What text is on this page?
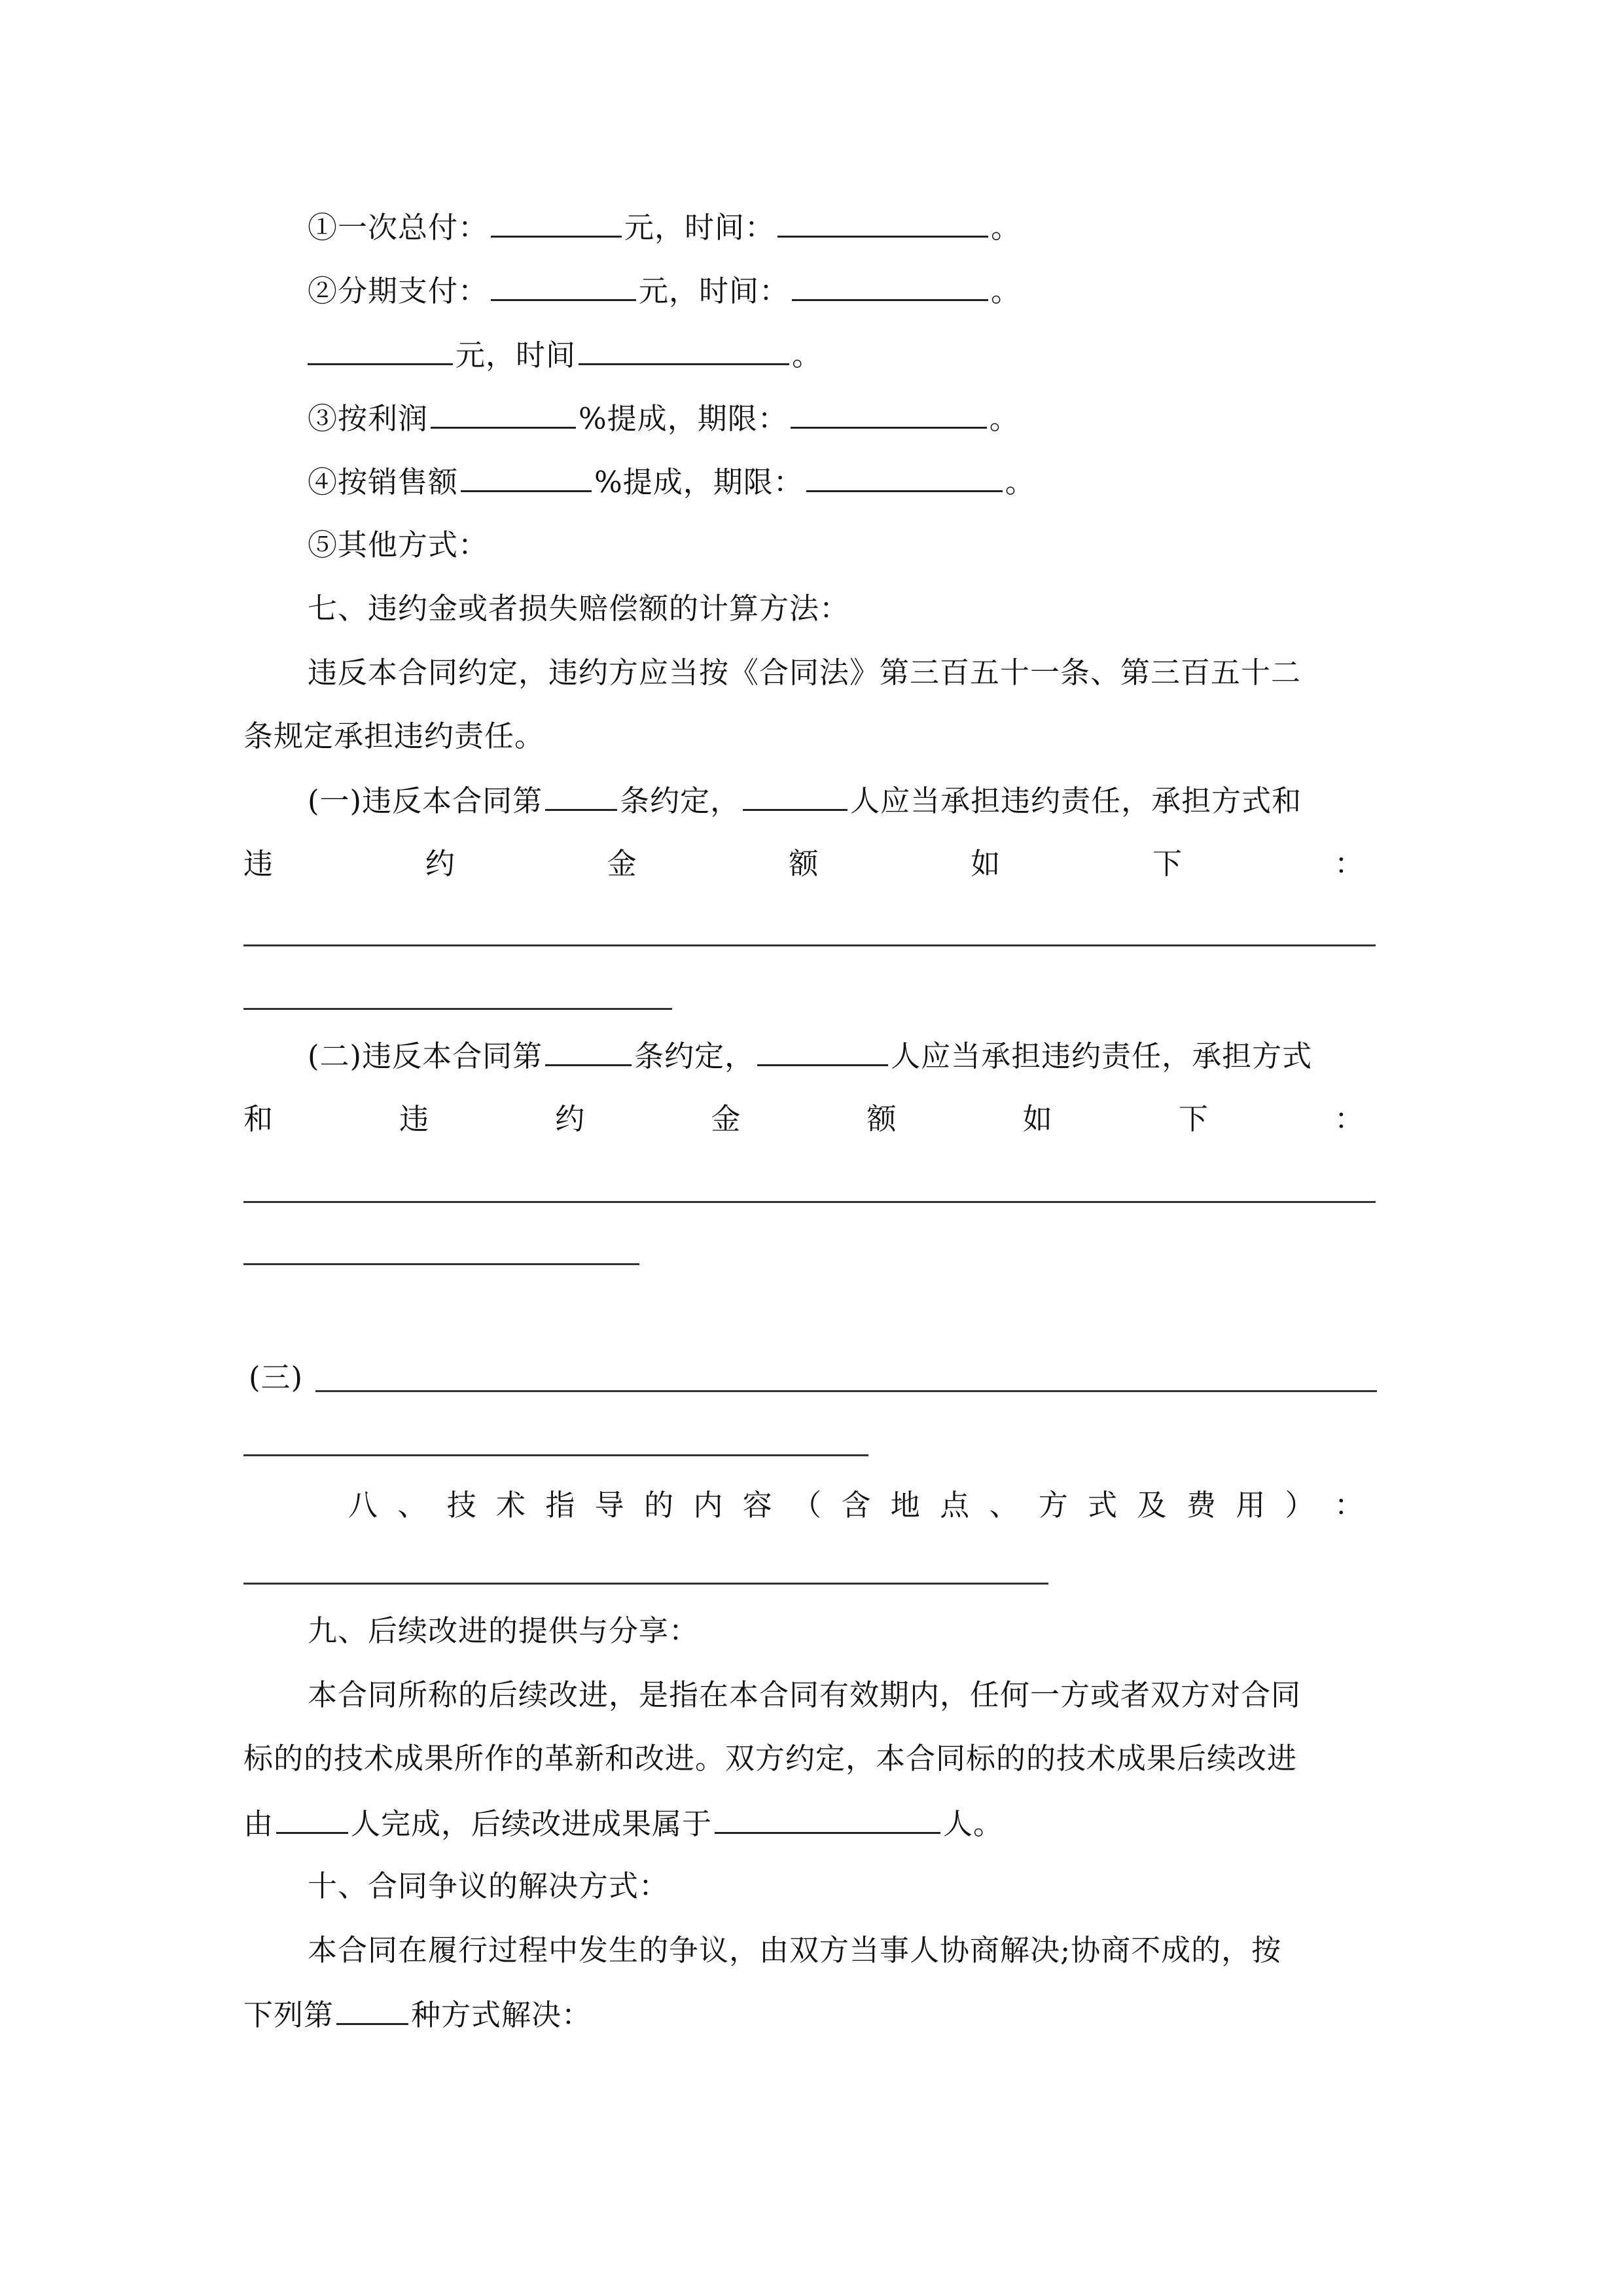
①一次总付：	元，时间：	。
②分期支付：	元，时间：	。
元，时间	。
③按利润	%提成，期限：	。
④按销售额	%提成，期限：	。
⑤其他方式：
七、违约金或者损失赔偿额的计算方法：
违反本合同约定，违约方应当按《合同法》第三百五十一条、第三百五十二
条规定承担违约责任。
(一)违反本合同第	条约定，	人应当承担违约责任，承担方式和
违	约	金	额	如	下	：
(二)违反本合同第	条约定，	人应当承担违约责任，承担方式
和	违	约	金	额	如	下	：
(三)
八 、 技 术 指 导 的 内 容 （ 含 地 点 、 方 式 及 费 用 ） ：
九、后续改进的提供与分享：
本合同所称的后续改进，是指在本合同有效期内，任何一方或者双方对合同
标的的技术成果所作的革新和改进。双方约定，本合同标的的技术成果后续改进
由	人完成，后续改进成果属于	人。
十、合同争议的解决方式：
本合同在履行过程中发生的争议，由双方当事人协商解决;协商不成的，按
下列第	种方式解决：
